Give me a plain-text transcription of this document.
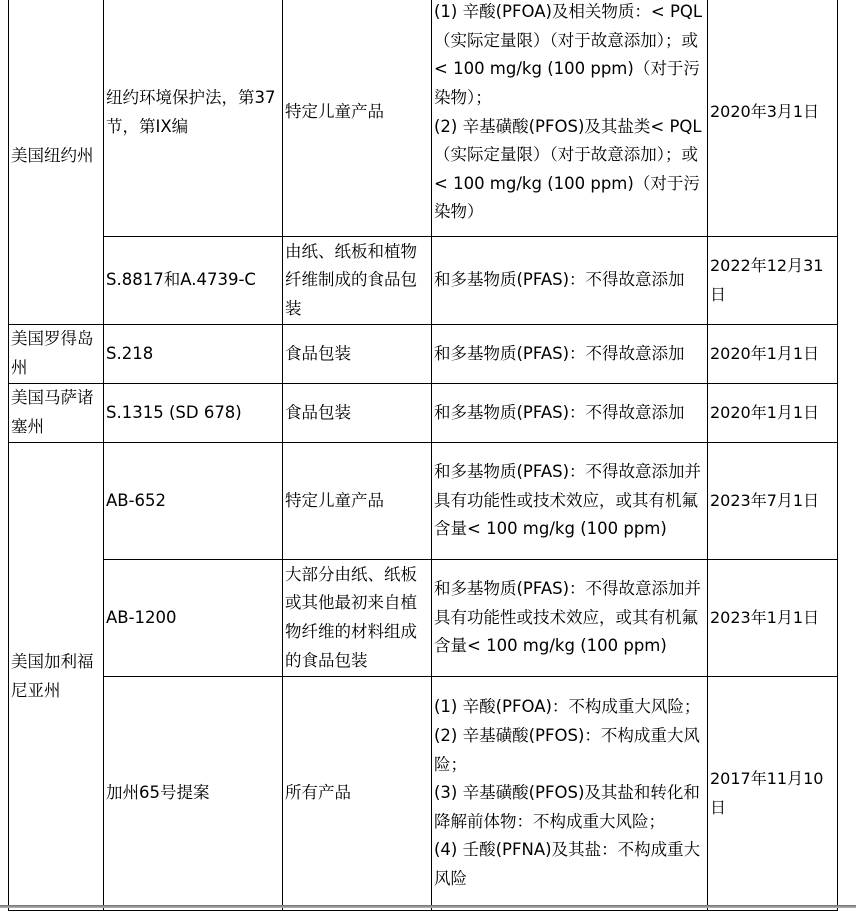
美国纽约州	纽约环境保护法，第37节，第IX编	特定儿童产品	(1) 辛酸(PFOA)及相关物质：< PQL（实际定量限）（对于故意添加）；或 < 100 mg/kg (100 ppm)（对于污染物）；
(2) 辛基磺酸(PFOS)及其盐类< PQL（实际定量限）（对于故意添加）；或< 100 mg/kg (100 ppm)（对于污染物）	2020年3月1日
	S.8817和A.4739-C	由纸、纸板和植物纤维制成的食品包装	和多基物质(PFAS)：不得故意添加	2022年12月31日
美国罗得岛州	S.218	食品包装	和多基物质(PFAS)：不得故意添加	2020年1月1日
美国马萨诸塞州	S.1315 (SD 678)	食品包装	和多基物质(PFAS)：不得故意添加	2020年1月1日
美国加利福尼亚州	AB-652	特定儿童产品	和多基物质(PFAS)：不得故意添加并具有功能性或技术效应，或其有机氟含量< 100 mg/kg (100 ppm)	2023年7月1日
	AB-1200	大部分由纸、纸板或其他最初来自植物纤维的材料组成的食品包装	和多基物质(PFAS)：不得故意添加并具有功能性或技术效应，或其有机氟含量< 100 mg/kg (100 ppm)	2023年1月1日
	加州65号提案	所有产品	(1) 辛酸(PFOA)：不构成重大风险；
(2) 辛基磺酸(PFOS)：不构成重大风险；
(3) 辛基磺酸(PFOS)及其盐和转化和降解前体物：不构成重大风险；
(4) 壬酸(PFNA)及其盐：不构成重大风险	2017年11月10日
